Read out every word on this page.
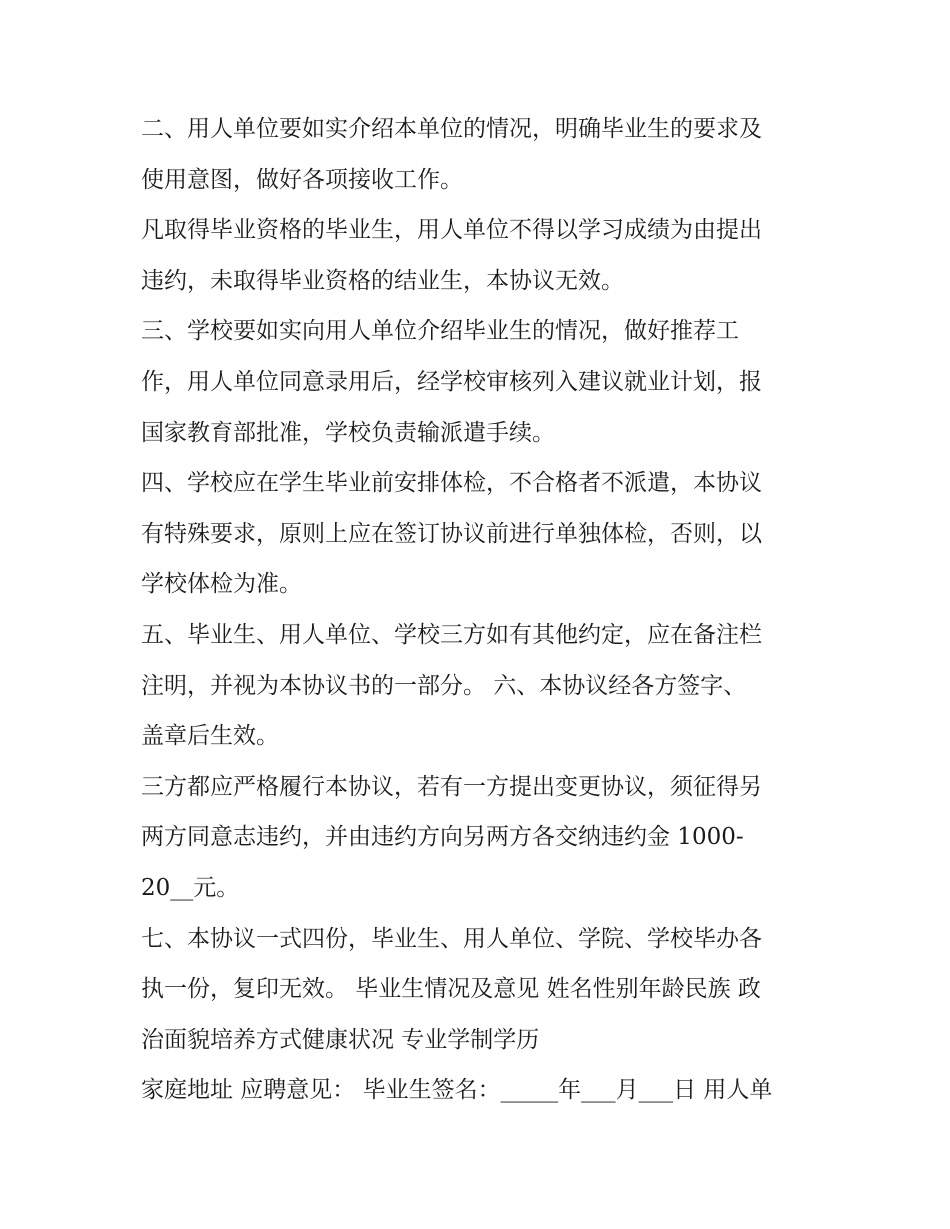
二、用人单位要如实介绍本单位的情况，明确毕业生的要求及
使用意图，做好各项接收工作。

凡取得毕业资格的毕业生，用人单位不得以学习成绩为由提出
违约，未取得毕业资格的结业生，本协议无效。

三、学校要如实向用人单位介绍毕业生的情况，做好推荐工
作，用人单位同意录用后，经学校审核列入建议就业计划，报
国家教育部批准，学校负责输派遣手续。

四、学校应在学生毕业前安排体检，不合格者不派遣，本协议
有特殊要求，原则上应在签订协议前进行单独体检，否则，以
学校体检为准。

五、毕业生、用人单位、学校三方如有其他约定，应在备注栏
注明，并视为本协议书的一部分。 六、本协议经各方签字、
盖章后生效。

三方都应严格履行本协议，若有一方提出变更协议，须征得另
两方同意志违约，并由违约方向另两方各交纳违约金 1000-
20__元。

七、本协议一式四份，毕业生、用人单位、学院、学校毕办各
执一份，复印无效。 毕业生情况及意见 姓名性别年龄民族 政
治面貌培养方式健康状况 专业学制学历

家庭地址 应聘意见： 毕业生签名：_____年___月___日 用人单
